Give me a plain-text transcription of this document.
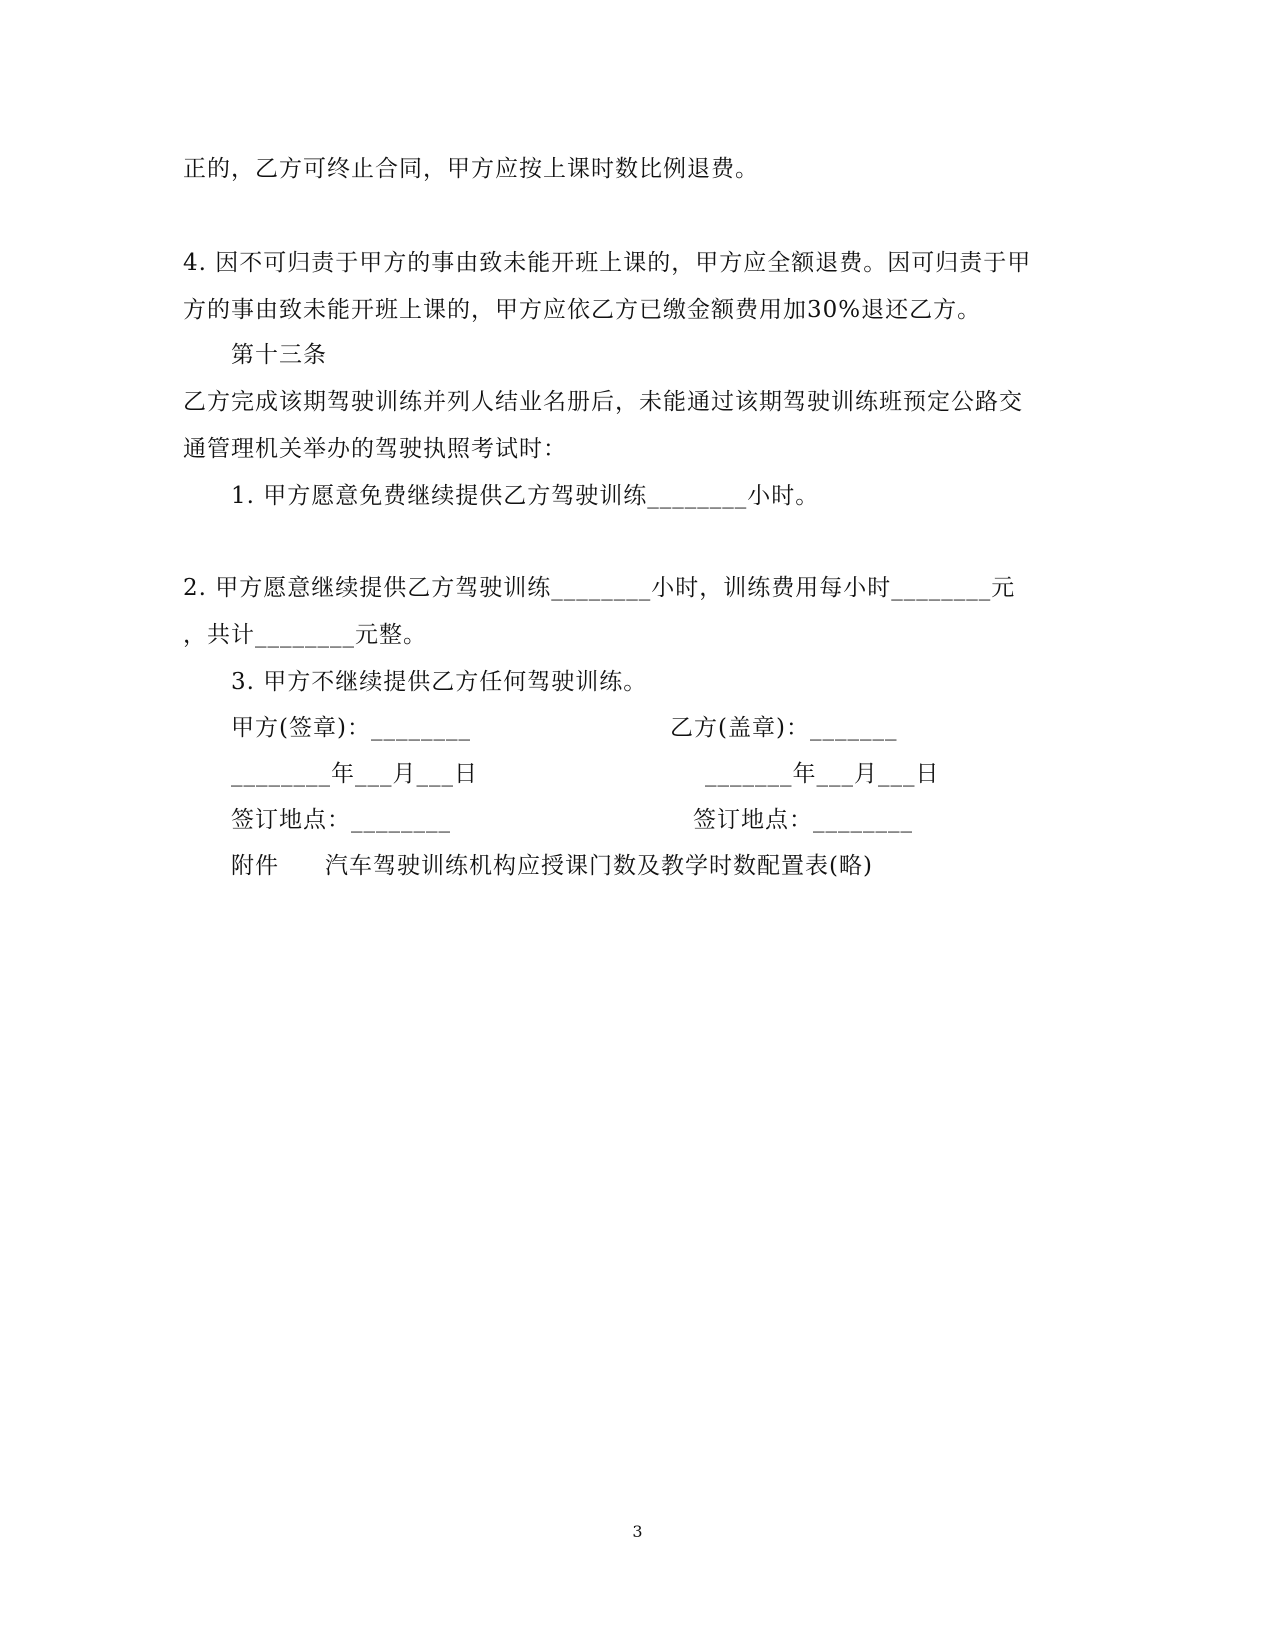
正的，乙方可终止合同，甲方应按上课时数比例退费。
4. 因不可归责于甲方的事由致未能开班上课的，甲方应全额退费。因可归责于甲
方的事由致未能开班上课的，甲方应依乙方已缴金额费用加30%退还乙方。
第十三条
乙方完成该期驾驶训练并列人结业名册后，未能通过该期驾驶训练班预定公路交
通管理机关举办的驾驶执照考试时：
1. 甲方愿意免费继续提供乙方驾驶训练________小时。
2. 甲方愿意继续提供乙方驾驶训练________小时，训练费用每小时________元
，共计________元整。
3. 甲方不继续提供乙方任何驾驶训练。
甲方(签章)：________	乙方(盖章)：_______
________年___月___日	_______年___月___日
签订地点：________	签订地点：________
附件 汽车驾驶训练机构应授课门数及教学时数配置表(略)
3
